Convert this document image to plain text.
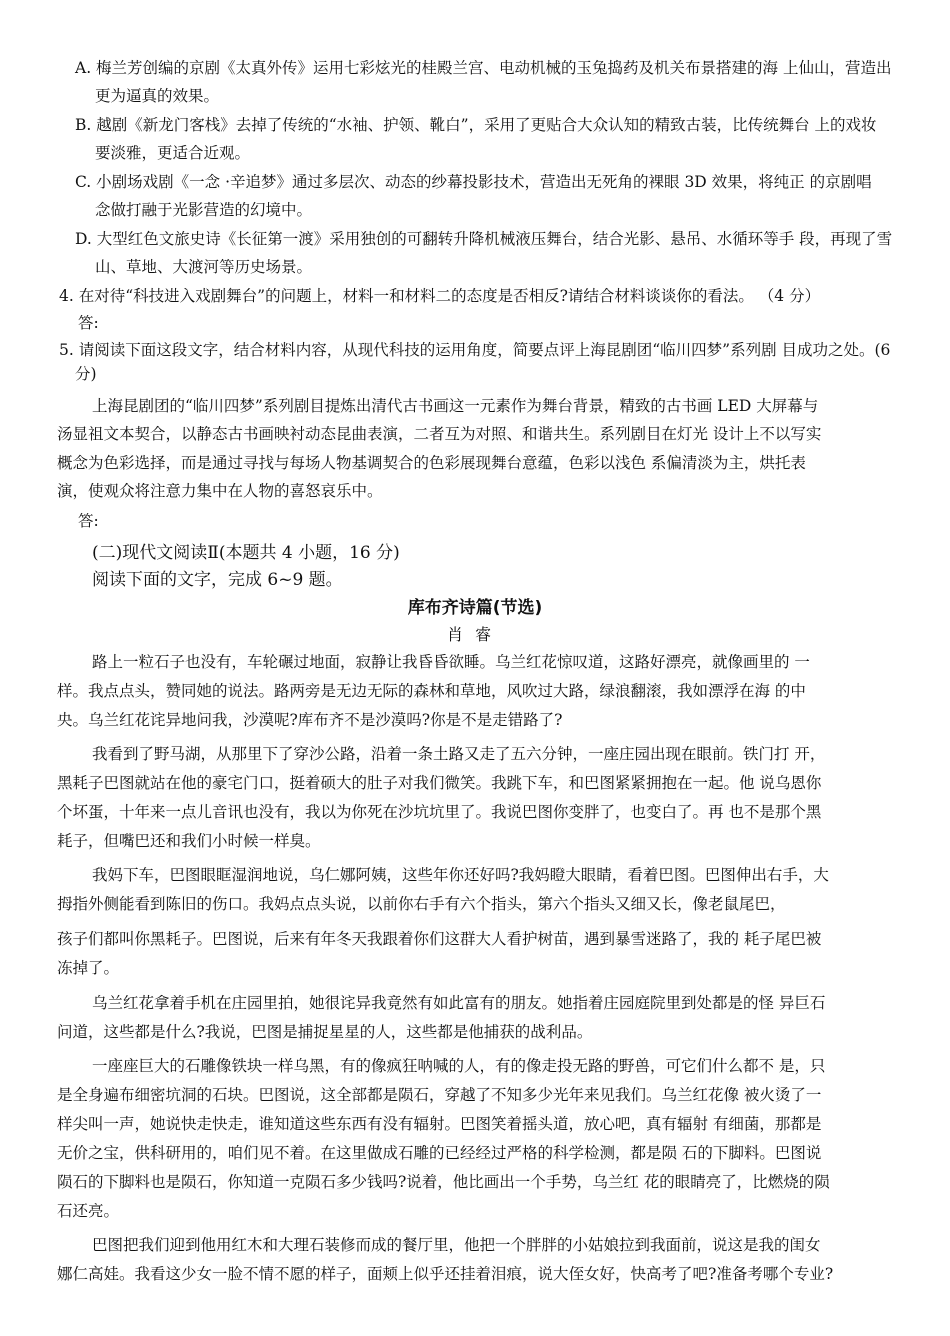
A. 梅兰芳创编的京剧《太真外传》运用七彩炫光的桂殿兰宫、电动机械的玉兔捣药及机关布景搭建的海 上仙山，营造出
更为逼真的效果。
B. 越剧《新龙门客栈》去掉了传统的“水袖、护领、靴白”，采用了更贴合大众认知的精致古装，比传统舞台 上的戏妆
要淡雅，更适合近观。
C. 小剧场戏剧《一念 ·辛追梦》通过多层次、动态的纱幕投影技术，营造出无死角的裸眼 3D 效果，将纯正 的京剧唱
念做打融于光影营造的幻境中。
D. 大型红色文旅史诗《长征第一渡》采用独创的可翻转升降机械液压舞台，结合光影、悬吊、水循环等手 段，再现了雪
山、草地、大渡河等历史场景。
4. 在对待“科技进入戏剧舞台”的问题上，材料一和材料二的态度是否相反?请结合材料谈谈你的看法。 （4 分）
答:
5. 请阅读下面这段文字，结合材料内容，从现代科技的运用角度，简要点评上海昆剧团“临川四梦”系列剧 目成功之处。(6
分)
上海昆剧团的“临川四梦”系列剧目提炼出清代古书画这一元素作为舞台背景，精致的古书画 LED 大屏幕与
汤显祖文本契合，以静态古书画映衬动态昆曲表演，二者互为对照、和谐共生。系列剧目在灯光 设计上不以写实
概念为色彩选择，而是通过寻找与每场人物基调契合的色彩展现舞台意蕴，色彩以浅色 系偏清淡为主，烘托表
演，使观众将注意力集中在人物的喜怒哀乐中。
答:
(二)现代文阅读Ⅱ(本题共 4 小题，16 分)
阅读下面的文字，完成 6~9 题。
库布齐诗篇(节选)
肖睿
路上一粒石子也没有，车轮碾过地面，寂静让我昏昏欲睡。乌兰红花惊叹道，这路好漂亮，就像画里的 一
样。我点点头，赞同她的说法。路两旁是无边无际的森林和草地，风吹过大路，绿浪翻滚，我如漂浮在海 的中
央。乌兰红花诧异地问我，沙漠呢?库布齐不是沙漠吗?你是不是走错路了?
我看到了野马湖，从那里下了穿沙公路，沿着一条土路又走了五六分钟，一座庄园出现在眼前。铁门打 开，
黑耗子巴图就站在他的豪宅门口，挺着硕大的肚子对我们微笑。我跳下车，和巴图紧紧拥抱在一起。他 说乌恩你
个坏蛋，十年来一点儿音讯也没有，我以为你死在沙坑坑里了。我说巴图你变胖了，也变白了。再 也不是那个黑
耗子，但嘴巴还和我们小时候一样臭。
我妈下车，巴图眼眶湿润地说，乌仁娜阿姨，这些年你还好吗?我妈瞪大眼睛，看着巴图。巴图伸出右手，大
拇指外侧能看到陈旧的伤口。我妈点点头说，以前你右手有六个指头，第六个指头又细又长，像老鼠尾巴，
孩子们都叫你黑耗子。巴图说，后来有年冬天我跟着你们这群大人看护树苗，遇到暴雪迷路了，我的 耗子尾巴被
冻掉了。
乌兰红花拿着手机在庄园里拍，她很诧异我竟然有如此富有的朋友。她指着庄园庭院里到处都是的怪 异巨石
问道，这些都是什么?我说，巴图是捕捉星星的人，这些都是他捕获的战利品。
一座座巨大的石雕像铁块一样乌黑，有的像疯狂呐喊的人，有的像走投无路的野兽，可它们什么都不 是，只
是全身遍布细密坑洞的石块。巴图说，这全部都是陨石，穿越了不知多少光年来见我们。乌兰红花像 被火烫了一
样尖叫一声，她说快走快走，谁知道这些东西有没有辐射。巴图笑着摇头道，放心吧，真有辐射 有细菌，那都是
无价之宝，供科研用的，咱们见不着。在这里做成石雕的已经经过严格的科学检测，都是陨 石的下脚料。巴图说
陨石的下脚料也是陨石，你知道一克陨石多少钱吗?说着，他比画出一个手势，乌兰红 花的眼睛亮了，比燃烧的陨
石还亮。
巴图把我们迎到他用红木和大理石装修而成的餐厅里，他把一个胖胖的小姑娘拉到我面前，说这是我的闺女
娜仁高娃。我看这少女一脸不情不愿的样子，面颊上似乎还挂着泪痕，说大侄女好，快高考了吧?准备考哪个专业?
